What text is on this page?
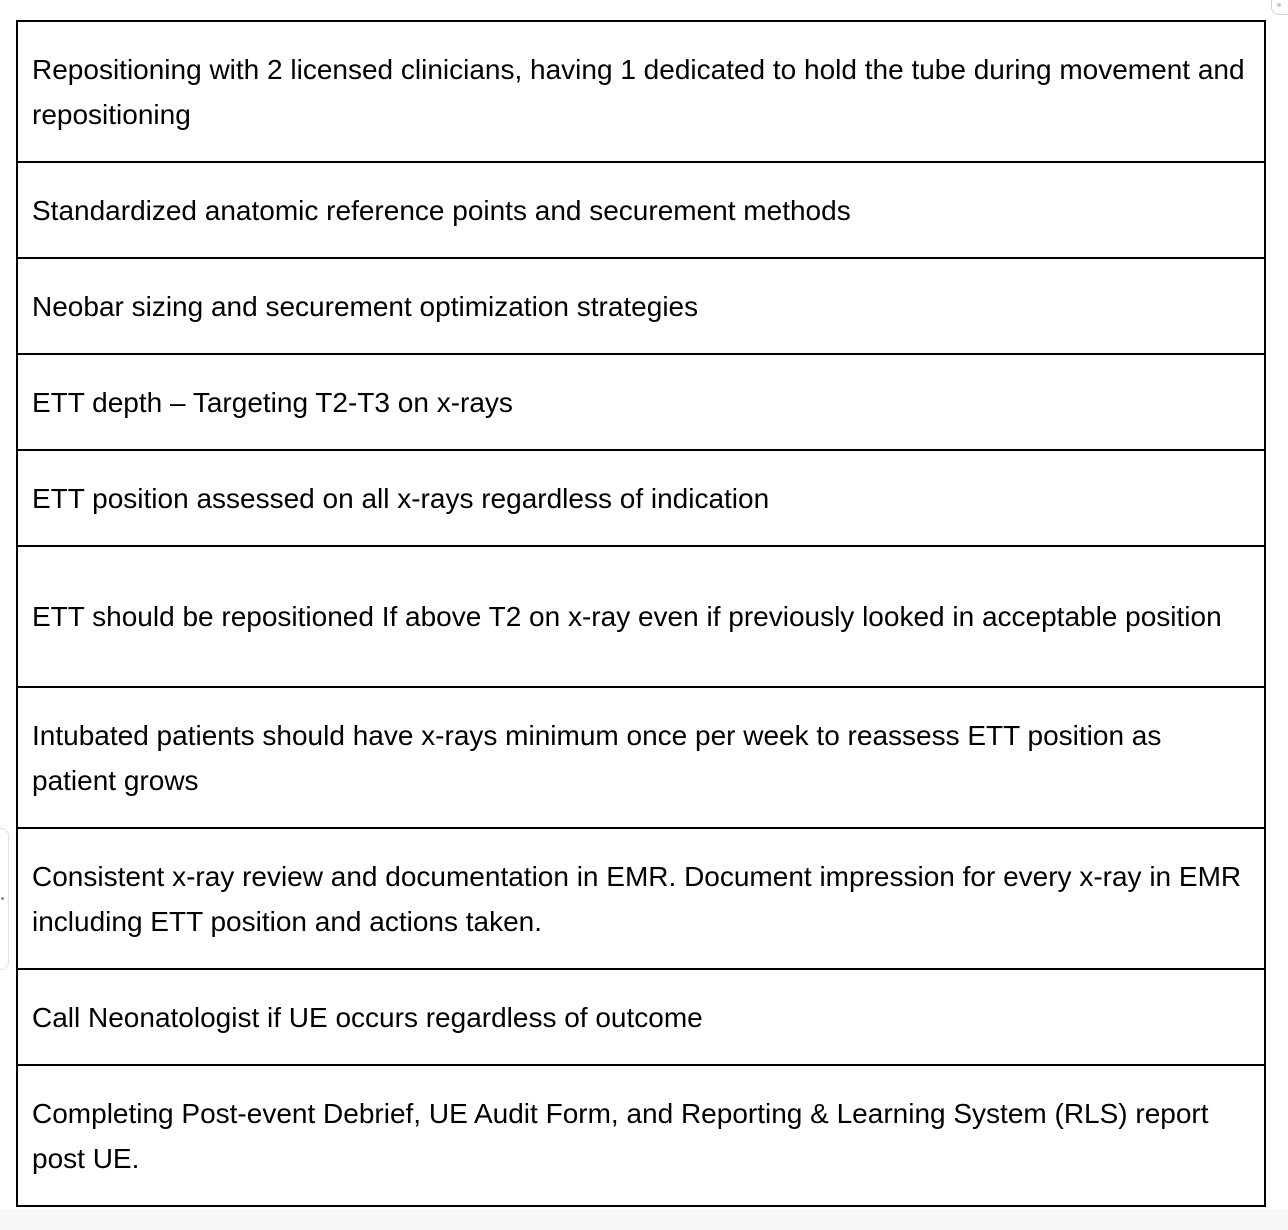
Repositioning with 2 licensed clinicians, having 1 dedicated to hold the tube during movement and repositioning
Standardized anatomic reference points and securement methods
Neobar sizing and securement optimization strategies
ETT depth – Targeting T2-T3 on x-rays
ETT position assessed on all x-rays regardless of indication
ETT should be repositioned If above T2 on x-ray even if previously looked in acceptable position
Intubated patients should have x-rays minimum once per week to reassess ETT position as patient grows
Consistent x-ray review and documentation in EMR. Document impression for every x-ray in EMR including ETT position and actions taken.
Call Neonatologist if UE occurs regardless of outcome
Completing Post-event Debrief, UE Audit Form, and Reporting & Learning System (RLS) report post UE.
